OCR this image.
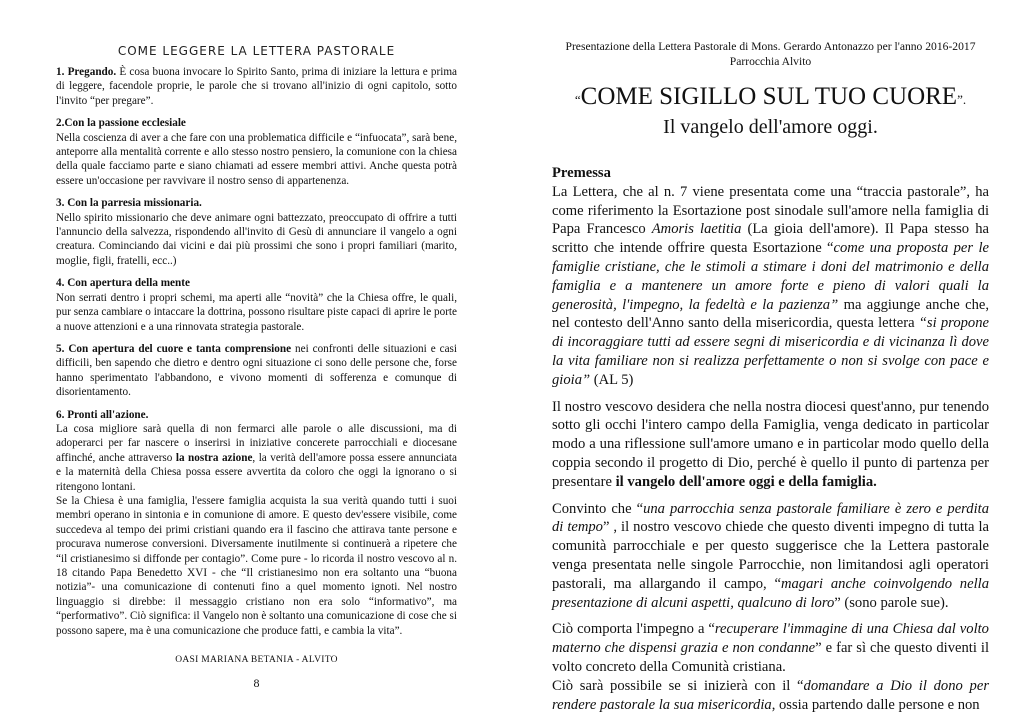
COME LEGGERE LA LETTERA PASTORALE
1. Pregando. È cosa buona invocare lo Spirito Santo, prima di iniziare la lettura e prima di leggere, facendole proprie, le parole che si trovano all'inizio di ogni capitolo, sotto l'invito “per pregare”.
2.Con la passione ecclesiale
Nella coscienza di aver a che fare con una problematica difficile e “infuocata”, sarà bene, anteporre alla mentalità corrente e allo stesso nostro pensiero, la comunione con la chiesa della quale facciamo parte e siano chiamati ad essere membri attivi. Anche questa potrà essere un'occasione per ravvivare il nostro senso di appartenenza.
3. Con la parresia missionaria.
Nello spirito missionario che deve animare ogni battezzato, preoccupato di offrire a tutti l'annuncio della salvezza, rispondendo all'invito di Gesù di annunciare il vangelo a ogni creatura. Cominciando dai vicini e dai più prossimi che sono i propri familiari (marito, moglie, figli, fratelli, ecc..)
4. Con apertura della mente
Non serrati dentro i propri schemi, ma aperti alle “novità” che la Chiesa offre, le quali, pur senza cambiare o intaccare la dottrina, possono risultare piste capaci di aprire le porte a nuove attenzioni e a una rinnovata strategia pastorale.
5. Con apertura del cuore e tanta comprensione nei confronti delle situazioni e casi difficili, ben sapendo che dietro e dentro ogni situazione ci sono delle persone che, forse hanno sperimentato l'abbandono, e vivono momenti di sofferenza e comunque di disorientamento.
6. Pronti all'azione.
La cosa migliore sarà quella di non fermarci alle parole o alle discussioni, ma di adoperarci per far nascere o inserirsi in iniziative concerete parrocchiali e diocesane affinché, anche attraverso la nostra azione, la verità dell'amore possa essere annunciata e la maternità della Chiesa possa essere avvertita da coloro che oggi la ignorano o si ritengono lontani.
Se la Chiesa è una famiglia, l'essere famiglia acquista la sua verità quando tutti i suoi membri operano in sintonia e in comunione di amore. E questo dev'essere visibile, come succedeva al tempo dei primi cristiani quando era il fascino che attirava tante persone e procurava numerose conversioni. Diversamente inutilmente si continuerà a ripetere che “il cristianesimo si diffonde per contagio”. Come pure - lo ricorda il nostro vescovo al n. 18 citando Papa Benedetto XVI - che “Il cristianesimo non era soltanto una “buona notizia”- una comunicazione di contenuti fino a quel momento ignoti. Nel nostro linguaggio si direbbe: il messaggio cristiano non era solo “informativo”, ma “performativo”. Ciò significa: il Vangelo non è soltanto una comunicazione di cose che si possono sapere, ma è una comunicazione che produce fatti, e cambia la vita”.
OASI MARIANA BETANIA - ALVITO
8
Presentazione della Lettera Pastorale di Mons. Gerardo Antonazzo per l'anno 2016-2017
Parrocchia Alvito
“COME SIGILLO SUL TUO CUORE”.
Il vangelo dell'amore oggi.
Premessa
La Lettera, che al n. 7 viene presentata come una “traccia pastorale”, ha come riferimento la Esortazione post sinodale sull'amore nella famiglia di Papa Francesco Amoris laetitia (La gioia dell'amore). Il Papa stesso ha scritto che intende offrire questa Esortazione “come una proposta per le famiglie cristiane, che le stimoli a stimare i doni del matrimonio e della famiglia e a mantenere un amore forte e pieno di valori quali la generosità, l'impegno, la fedeltà e la pazienza” ma aggiunge anche che, nel contesto dell'Anno santo della misericordia, questa lettera “si propone di incoraggiare tutti ad essere segni di misericordia e di vicinanza lì dove la vita familiare non si realizza perfettamente o non si svolge con pace e gioia” (AL 5)
Il nostro vescovo desidera che nella nostra diocesi quest'anno, pur tenendo sotto gli occhi l'intero campo della Famiglia, venga dedicato in particolar modo a una riflessione sull'amore umano e in particolar modo quello della coppia secondo il progetto di Dio, perché è quello il punto di partenza per presentare il vangelo dell'amore oggi e della famiglia.
Convinto che “una parrocchia senza pastorale familiare è zero e perdita di tempo” , il nostro vescovo chiede che questo diventi impegno di tutta la comunità parrocchiale e per questo suggerisce che la Lettera pastorale venga presentata nelle singole Parrocchie, non limitandosi agli operatori pastorali, ma allargando il campo, “magari anche coinvolgendo nella presentazione di alcuni aspetti, qualcuno di loro” (sono parole sue).
Ciò comporta l'impegno a “recuperare l'immagine di una Chiesa dal volto materno che dispensi grazia e non condanne” e far sì che questo diventi il volto concreto della Comunità cristiana.
Ciò sarà possibile se si inizierà con il “domandare a Dio il dono per rendere pastorale la sua misericordia, ossia partendo dalle persone e non
